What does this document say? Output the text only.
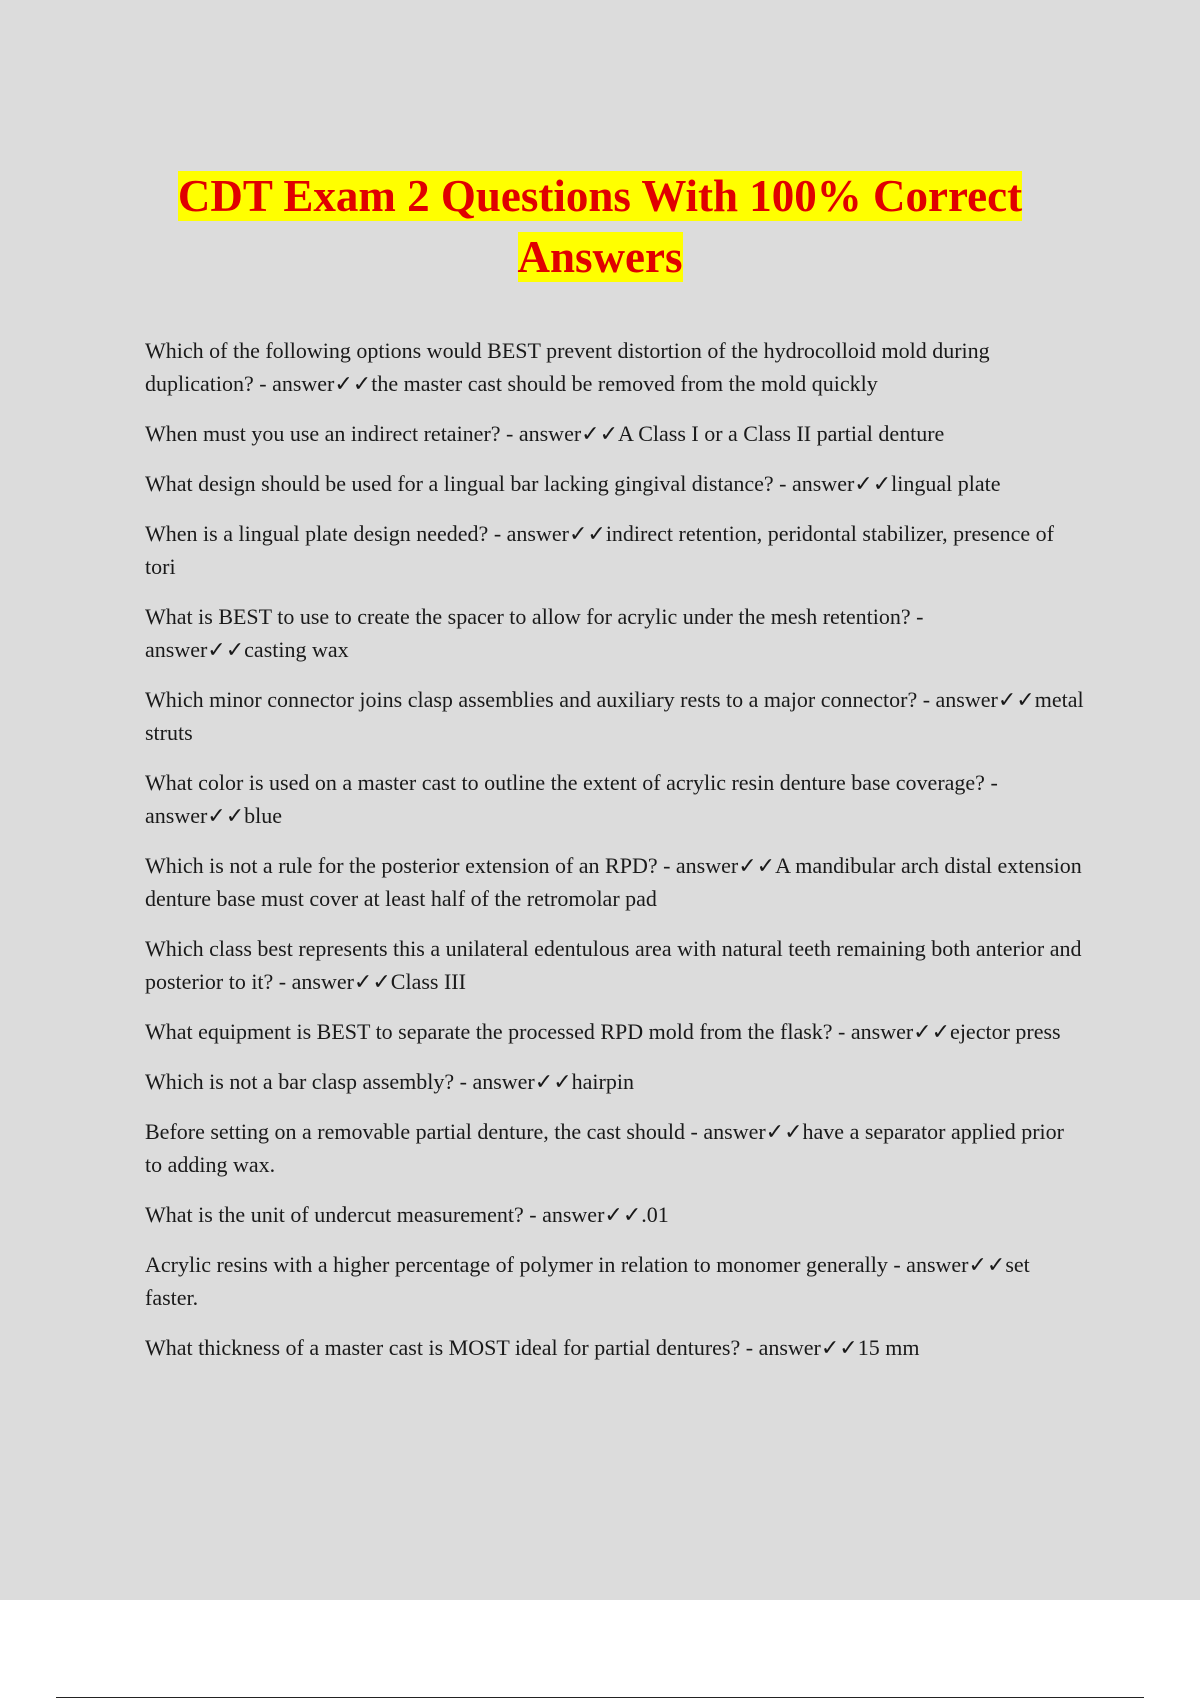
CDT Exam 2 Questions With 100% Correct Answers
Which of the following options would BEST prevent distortion of the hydrocolloid mold during duplication? - answer✓✓the master cast should be removed from the mold quickly
When must you use an indirect retainer? - answer✓✓A Class I or a Class II partial denture
What design should be used for a lingual bar lacking gingival distance? - answer✓✓lingual plate
When is a lingual plate design needed? - answer✓✓indirect retention, peridontal stabilizer, presence of tori
What is BEST to use to create the spacer to allow for acrylic under the mesh retention? - answer✓✓casting wax
Which minor connector joins clasp assemblies and auxiliary rests to a major connector? - answer✓✓metal struts
What color is used on a master cast to outline the extent of acrylic resin denture base coverage? - answer✓✓blue
Which is not a rule for the posterior extension of an RPD? - answer✓✓A mandibular arch distal extension denture base must cover at least half of the retromolar pad
Which class best represents this a unilateral edentulous area with natural teeth remaining both anterior and posterior to it? - answer✓✓Class III
What equipment is BEST to separate the processed RPD mold from the flask? - answer✓✓ejector press
Which is not a bar clasp assembly? - answer✓✓hairpin
Before setting on a removable partial denture, the cast should - answer✓✓have a separator applied prior to adding wax.
What is the unit of undercut measurement? - answer✓✓.01
Acrylic resins with a higher percentage of polymer in relation to monomer generally - answer✓✓set faster.
What thickness of a master cast is MOST ideal for partial dentures? - answer✓✓15 mm
